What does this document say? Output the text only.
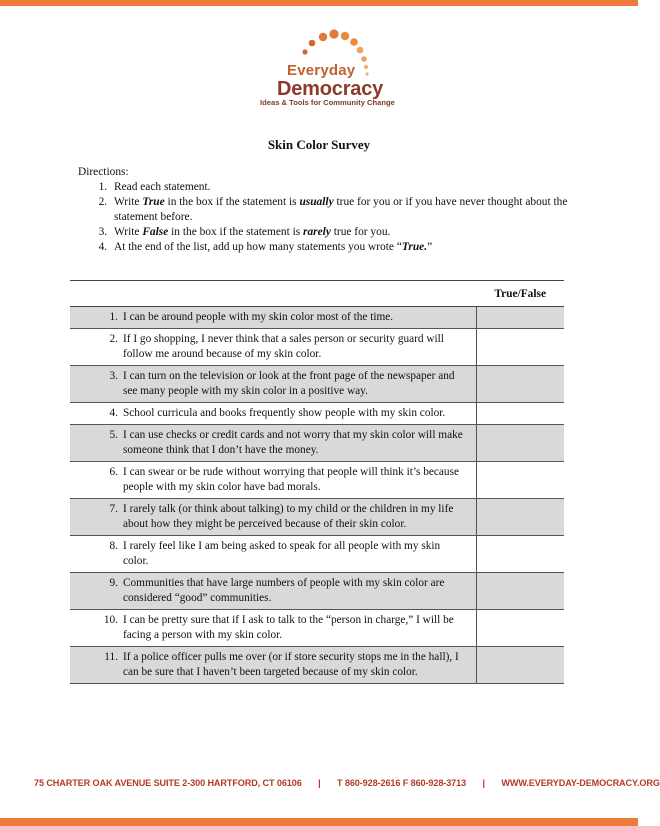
Everyday
Democracy
Ideas & Tools for Community Change
Skin Color Survey
Directions:
1. Read each statement.
2. Write True in the box if the statement is usually true for you or if you have never thought about the statement before.
3. Write False in the box if the statement is rarely true for you.
4. At the end of the list, add up how many statements you wrote “True.”
	True/False

1. I can be around people with my skin color most of the time.	

2. If I go shopping, I never think that a sales person or security guard will follow me around because of my skin color.	

3. I can turn on the television or look at the front page of the newspaper and see many people with my skin color in a positive way.	

4. School curricula and books frequently show people with my skin color.	

5. I can use checks or credit cards and not worry that my skin color will make someone think that I don’t have the money.	

6. I can swear or be rude without worrying that people will think it’s because people with my skin color have bad morals.	

7. I rarely talk (or think about talking) to my child or the children in my life about how they might be perceived because of their skin color.	

8. I rarely feel like I am being asked to speak for all people with my skin color.	

9. Communities that have large numbers of people with my skin color are considered “good” communities.	

10. I can be pretty sure that if I ask to talk to the “person in charge,” I will be facing a person with my skin color.	

11. If a police officer pulls me over (or if store security stops me in the hall), I can be sure that I haven’t been targeted because of my skin color.	

75 CHARTER OAK AVENUE SUITE 2-300 HARTFORD, CT 06106 | T 860-928-2616 F 860-928-3713 | WWW.EVERYDAY-DEMOCRACY.ORG
